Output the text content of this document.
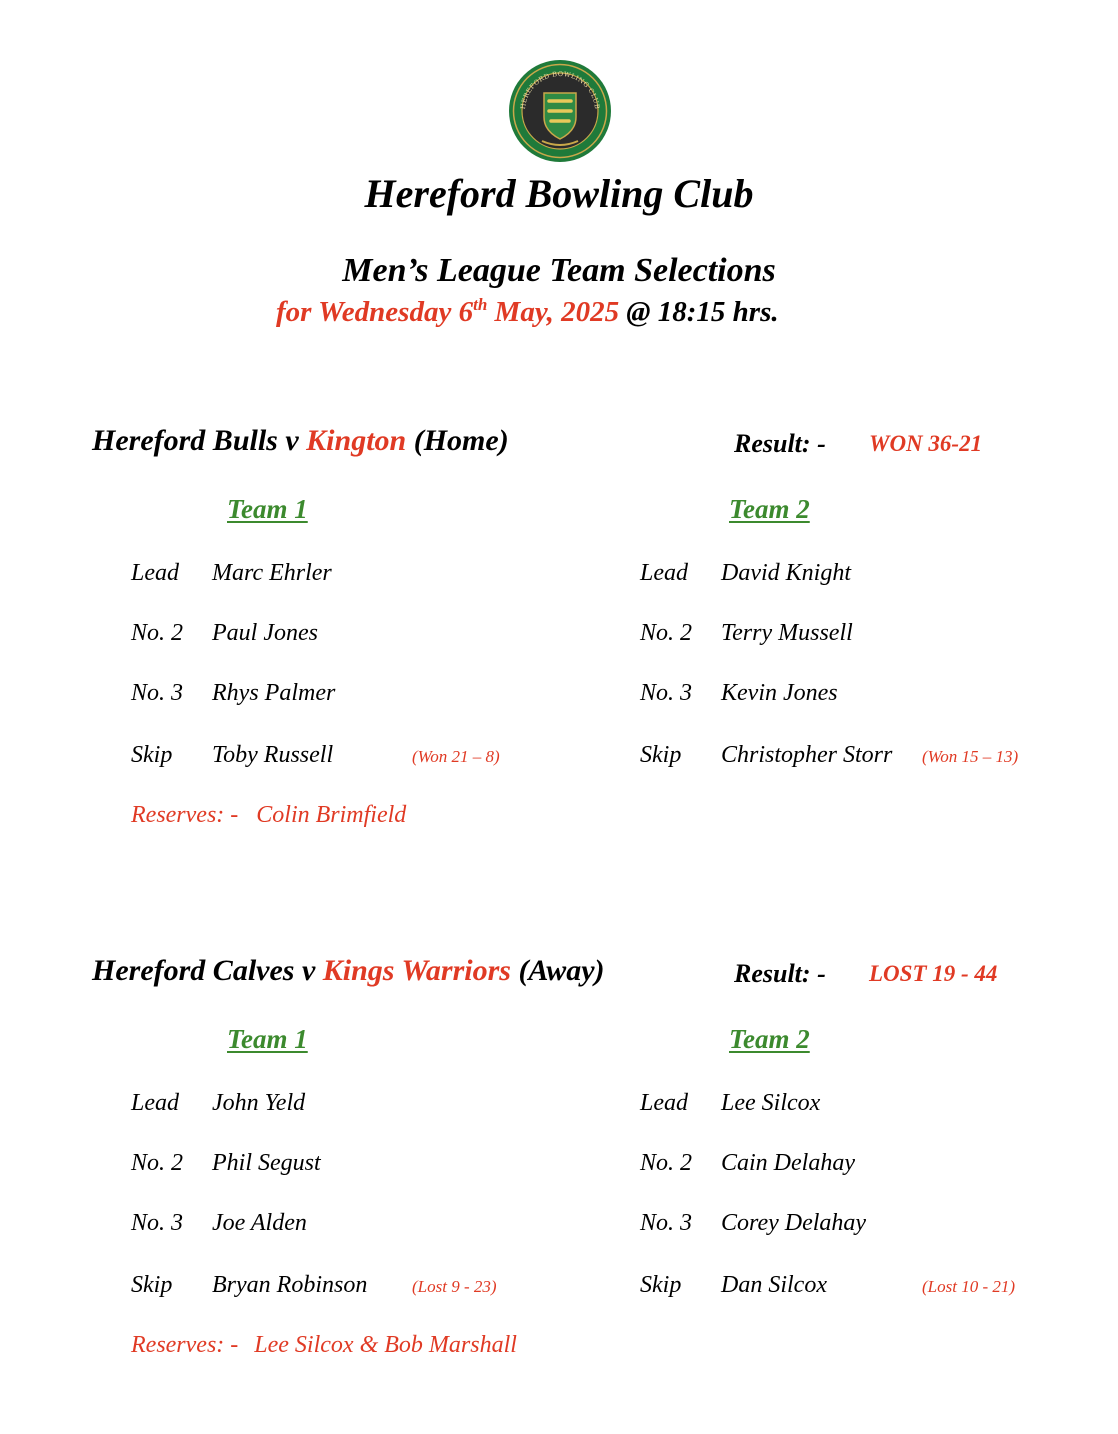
HEREFORD BOWLING CLUB
Hereford Bowling Club
Men’s League Team Selections
for Wednesday 6th May, 2025 @ 18:15 hrs.
Hereford Bulls v Kington (Home)	Result: - WON 36-21
Team 1	Team 2
Lead Marc Ehrler
No. 2 Paul Jones
No. 3 Rhys Palmer
Skip Toby Russell	(Won 21 – 8)
Lead David Knight
No. 2 Terry Mussell
No. 3 Kevin Jones
Skip Christopher Storr (Won 15 – 13)
Reserves: - Colin Brimfield
Hereford Calves v Kings Warriors (Away)	Result: - LOST 19 - 44
Team 1	Team 2
Lead John Yeld
No. 2 Phil Segust
No. 3 Joe Alden
Skip Bryan Robinson	(Lost 9 - 23)
Lead Lee Silcox
No. 2 Cain Delahay
No. 3 Corey Delahay
Skip Dan Silcox	(Lost 10 - 21)
Reserves: - Lee Silcox & Bob Marshall
